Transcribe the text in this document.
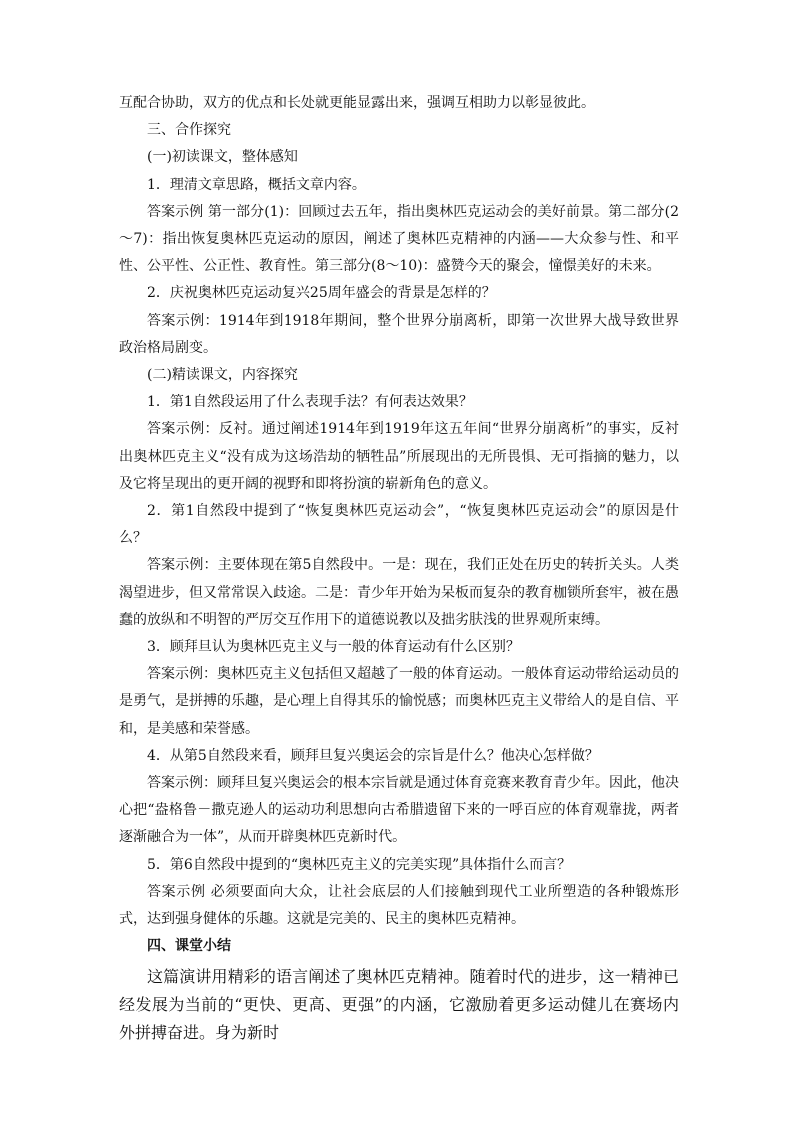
互配合协助，双方的优点和长处就更能显露出来，强调互相助力以彰显彼此。

三、合作探究

(一)初读课文，整体感知

1．理清文章思路，概括文章内容。

答案示例 第一部分(1)：回顾过去五年，指出奥林匹克运动会的美好前景。第二部分(2～7)：指出恢复奥林匹克运动的原因，阐述了奥林匹克精神的内涵——大众参与性、和平性、公平性、公正性、教育性。第三部分(8～10)：盛赞今天的聚会，憧憬美好的未来。

2．庆祝奥林匹克运动复兴25周年盛会的背景是怎样的？

答案示例：1914年到1918年期间，整个世界分崩离析，即第一次世界大战导致世界政治格局剧变。

(二)精读课文，内容探究

1．第1自然段运用了什么表现手法？有何表达效果？

答案示例：反衬。通过阐述1914年到1919年这五年间“世界分崩离析”的事实，反衬出奥林匹克主义“没有成为这场浩劫的牺牲品”所展现出的无所畏惧、无可指摘的魅力，以及它将呈现出的更开阔的视野和即将扮演的崭新角色的意义。

2．第1自然段中提到了“恢复奥林匹克运动会”，“恢复奥林匹克运动会”的原因是什么？

答案示例：主要体现在第5自然段中。一是：现在，我们正处在历史的转折关头。人类渴望进步，但又常常误入歧途。二是：青少年开始为呆板而复杂的教育枷锁所套牢，被在愚蠢的放纵和不明智的严厉交互作用下的道德说教以及拙劣肤浅的世界观所束缚。

3．顾拜旦认为奥林匹克主义与一般的体育运动有什么区别？

答案示例：奥林匹克主义包括但又超越了一般的体育运动。一般体育运动带给运动员的是勇气，是拼搏的乐趣，是心理上自得其乐的愉悦感；而奥林匹克主义带给人的是自信、平和，是美感和荣誉感。

4．从第5自然段来看，顾拜旦复兴奥运会的宗旨是什么？他决心怎样做？

答案示例：顾拜旦复兴奥运会的根本宗旨就是通过体育竞赛来教育青少年。因此，他决心把“盎格鲁－撒克逊人的运动功利思想向古希腊遗留下来的一呼百应的体育观靠拢，两者逐渐融合为一体”，从而开辟奥林匹克新时代。

5．第6自然段中提到的“奥林匹克主义的完美实现”具体指什么而言？

答案示例 必须要面向大众，让社会底层的人们接触到现代工业所塑造的各种锻炼形式，达到强身健体的乐趣。这就是完美的、民主的奥林匹克精神。

四、课堂小结

这篇演讲用精彩的语言阐述了奥林匹克精神。随着时代的进步，这一精神已经发展为当前的“更快、更高、更强”的内涵，它激励着更多运动健儿在赛场内外拼搏奋进。身为新时
